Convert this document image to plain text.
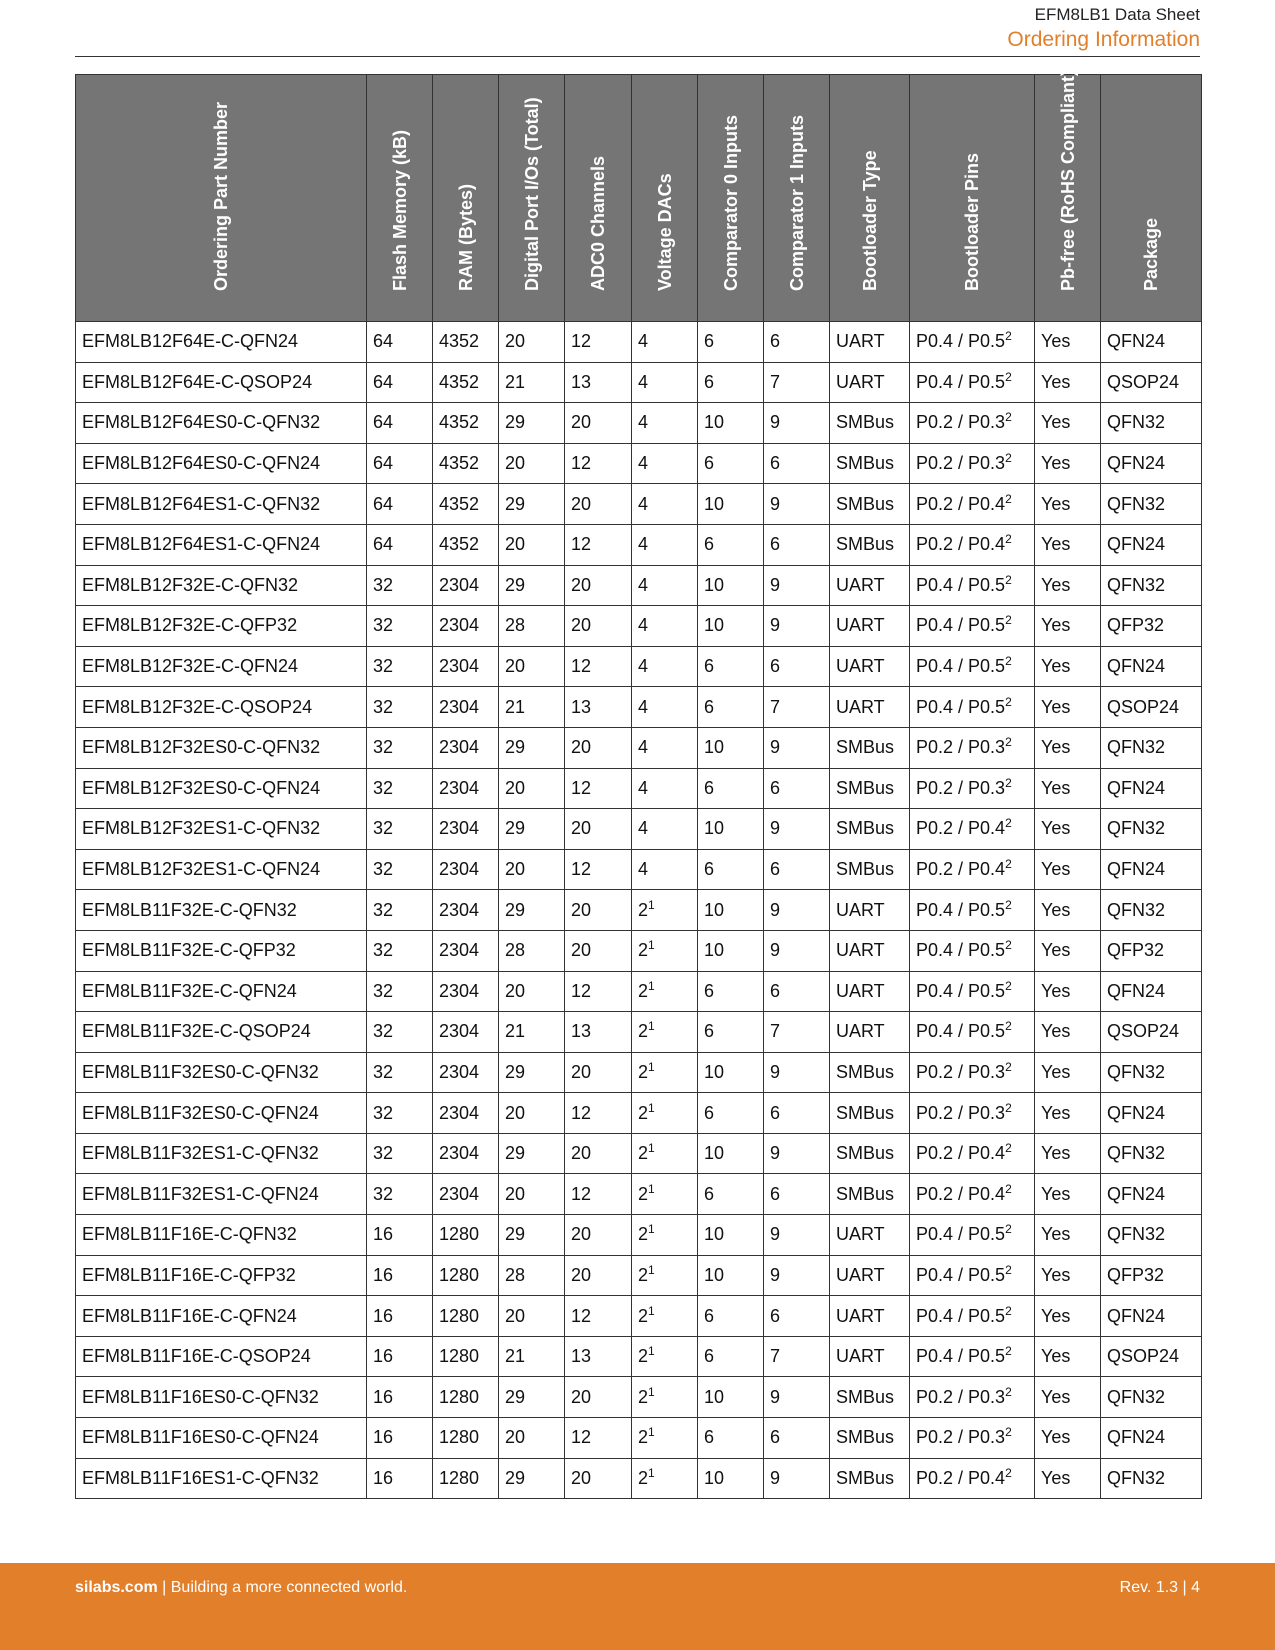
EFM8LB1 Data Sheet
Ordering Information
Ordering Part Number	Flash Memory (kB)	RAM (Bytes)	Digital Port I/Os (Total)	ADC0 Channels	Voltage DACs	Comparator 0 Inputs	Comparator 1 Inputs	Bootloader Type	Bootloader Pins	Pb-free (RoHS Compliant)	Package

EFM8LB12F64E-C-QFN24	64	4352	20	12	4	6	6	UART	$P0.4 / P0.5^2$	Yes	QFN24
EFM8LB12F64E-C-QSOP24	64	4352	21	13	4	6	7	UART	$P0.4 / P0.5^2$	Yes	QSOP24
EFM8LB12F64ES0-C-QFN32	64	4352	29	20	4	10	9	SMBus	$P0.2 / P0.3^2$	Yes	QFN32
EFM8LB12F64ES0-C-QFN24	64	4352	20	12	4	6	6	SMBus	$P0.2 / P0.3^2$	Yes	QFN24
EFM8LB12F64ES1-C-QFN32	64	4352	29	20	4	10	9	SMBus	$P0.2 / P0.4^2$	Yes	QFN32
EFM8LB12F64ES1-C-QFN24	64	4352	20	12	4	6	6	SMBus	$P0.2 / P0.4^2$	Yes	QFN24
EFM8LB12F32E-C-QFN32	32	2304	29	20	4	10	9	UART	$P0.4 / P0.5^2$	Yes	QFN32
EFM8LB12F32E-C-QFP32	32	2304	28	20	4	10	9	UART	$P0.4 / P0.5^2$	Yes	QFP32
EFM8LB12F32E-C-QFN24	32	2304	20	12	4	6	6	UART	$P0.4 / P0.5^2$	Yes	QFN24
EFM8LB12F32E-C-QSOP24	32	2304	21	13	4	6	7	UART	$P0.4 / P0.5^2$	Yes	QSOP24
EFM8LB12F32ES0-C-QFN32	32	2304	29	20	4	10	9	SMBus	$P0.2 / P0.3^2$	Yes	QFN32
EFM8LB12F32ES0-C-QFN24	32	2304	20	12	4	6	6	SMBus	$P0.2 / P0.3^2$	Yes	QFN24
EFM8LB12F32ES1-C-QFN32	32	2304	29	20	4	10	9	SMBus	$P0.2 / P0.4^2$	Yes	QFN32
EFM8LB12F32ES1-C-QFN24	32	2304	20	12	4	6	6	SMBus	$P0.2 / P0.4^2$	Yes	QFN24
EFM8LB11F32E-C-QFN32	32	2304	29	20	$2^1$	10	9	UART	$P0.4 / P0.5^2$	Yes	QFN32
EFM8LB11F32E-C-QFP32	32	2304	28	20	$2^1$	10	9	UART	$P0.4 / P0.5^2$	Yes	QFP32
EFM8LB11F32E-C-QFN24	32	2304	20	12	$2^1$	6	6	UART	$P0.4 / P0.5^2$	Yes	QFN24
EFM8LB11F32E-C-QSOP24	32	2304	21	13	$2^1$	6	7	UART	$P0.4 / P0.5^2$	Yes	QSOP24
EFM8LB11F32ES0-C-QFN32	32	2304	29	20	$2^1$	10	9	SMBus	$P0.2 / P0.3^2$	Yes	QFN32
EFM8LB11F32ES0-C-QFN24	32	2304	20	12	$2^1$	6	6	SMBus	$P0.2 / P0.3^2$	Yes	QFN24
EFM8LB11F32ES1-C-QFN32	32	2304	29	20	$2^1$	10	9	SMBus	$P0.2 / P0.4^2$	Yes	QFN32
EFM8LB11F32ES1-C-QFN24	32	2304	20	12	$2^1$	6	6	SMBus	$P0.2 / P0.4^2$	Yes	QFN24
EFM8LB11F16E-C-QFN32	16	1280	29	20	$2^1$	10	9	UART	$P0.4 / P0.5^2$	Yes	QFN32
EFM8LB11F16E-C-QFP32	16	1280	28	20	$2^1$	10	9	UART	$P0.4 / P0.5^2$	Yes	QFP32
EFM8LB11F16E-C-QFN24	16	1280	20	12	$2^1$	6	6	UART	$P0.4 / P0.5^2$	Yes	QFN24
EFM8LB11F16E-C-QSOP24	16	1280	21	13	$2^1$	6	7	UART	$P0.4 / P0.5^2$	Yes	QSOP24
EFM8LB11F16ES0-C-QFN32	16	1280	29	20	$2^1$	10	9	SMBus	$P0.2 / P0.3^2$	Yes	QFN32
EFM8LB11F16ES0-C-QFN24	16	1280	20	12	$2^1$	6	6	SMBus	$P0.2 / P0.3^2$	Yes	QFN24
EFM8LB11F16ES1-C-QFN32	16	1280	29	20	$2^1$	10	9	SMBus	$P0.2 / P0.4^2$	Yes	QFN32
silabs.com | Building a more connected world.	Rev. 1.3 | 4
